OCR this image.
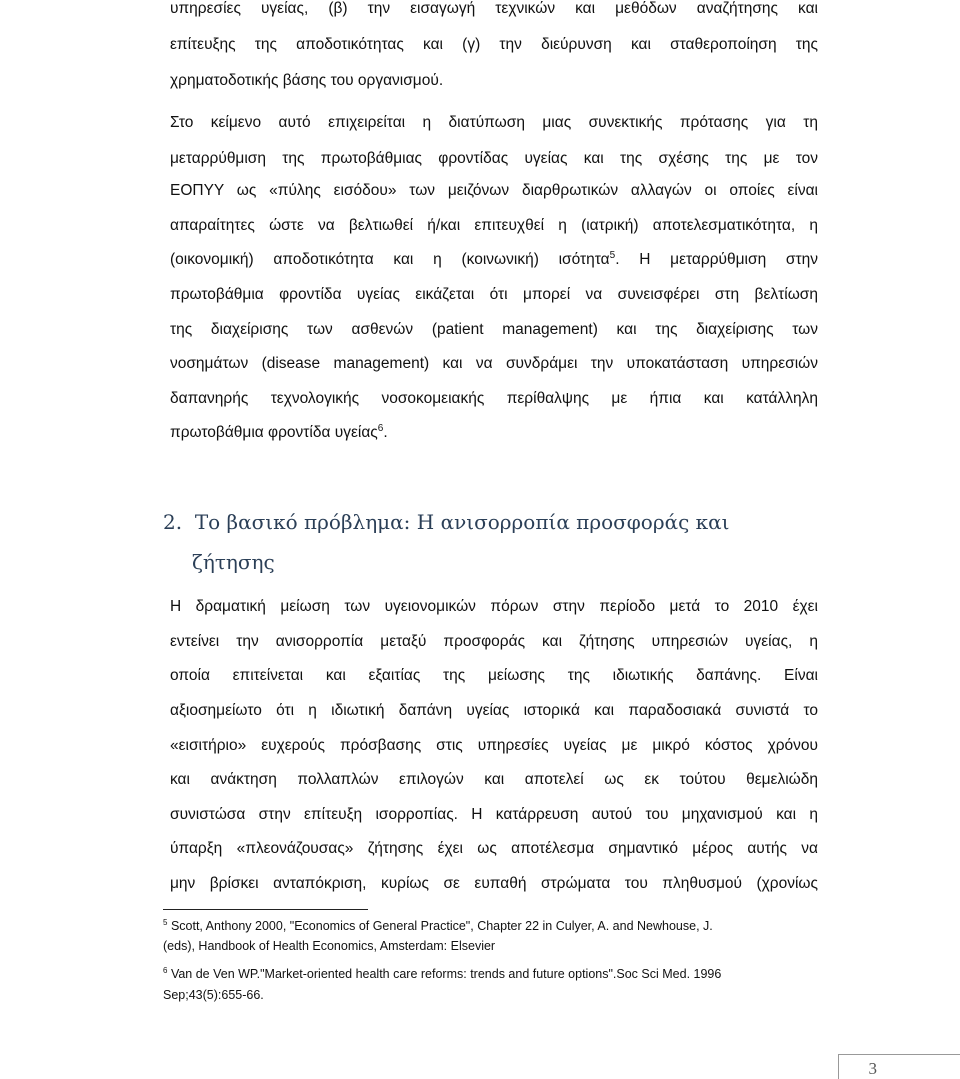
υπηρεσίες υγείας, (β) την εισαγωγή τεχνικών και μεθόδων αναζήτησης και
επίτευξης της αποδοτικότητας και (γ) την διεύρυνση και σταθεροποίηση της
χρηματοδοτικής βάσης του οργανισμού.
Στο κείμενο αυτό επιχειρείται η διατύπωση μιας συνεκτικής πρότασης για τη
μεταρρύθμιση της πρωτοβάθμιας φροντίδας υγείας και της σχέσης της με τον
ΕΟΠΥΥ ως «πύλης εισόδου» των μειζόνων διαρθρωτικών αλλαγών οι οποίες είναι
απαραίτητες ώστε να βελτιωθεί ή/και επιτευχθεί η (ιατρική) αποτελεσματικότητα, η
(οικονομική) αποδοτικότητα και η (κοινωνική) ισότητα$^5$. Η μεταρρύθμιση στην
πρωτοβάθμια φροντίδα υγείας εικάζεται ότι μπορεί να συνεισφέρει στη βελτίωση
της διαχείρισης των ασθενών (patient management) και της διαχείρισης των
νοσημάτων (disease management) και να συνδράμει την υποκατάσταση υπηρεσιών
δαπανηρής τεχνολογικής νοσοκομειακής περίθαλψης με ήπια και κατάλληλη
πρωτοβάθμια φροντίδα υγείας$^6$.
2. Το βασικό πρόβλημα: Η ανισορροπία προσφοράς και
ζήτησης
Η δραματική μείωση των υγειονομικών πόρων στην περίοδο μετά το 2010 έχει
εντείνει την ανισορροπία μεταξύ προσφοράς και ζήτησης υπηρεσιών υγείας, η
οποία επιτείνεται και εξαιτίας της μείωσης της ιδιωτικής δαπάνης. Είναι
αξιοσημείωτο ότι η ιδιωτική δαπάνη υγείας ιστορικά και παραδοσιακά συνιστά το
«εισιτήριο» ευχερούς πρόσβασης στις υπηρεσίες υγείας με μικρό κόστος χρόνου
και ανάκτηση πολλαπλών επιλογών και αποτελεί ως εκ τούτου θεμελιώδη
συνιστώσα στην επίτευξη ισορροπίας. Η κατάρρευση αυτού του μηχανισμού και η
ύπαρξη «πλεονάζουσας» ζήτησης έχει ως αποτέλεσμα σημαντικό μέρος αυτής να
μην βρίσκει ανταπόκριση, κυρίως σε ευπαθή στρώματα του πληθυσμού (χρονίως
$^5$ Scott, Anthony 2000, "Economics of General Practice", Chapter 22 in Culyer, A. and Newhouse, J.
(eds), Handbook of Health Economics, Amsterdam: Elsevier
$^6$ Van de Ven WP."Market-oriented health care reforms: trends and future options".Soc Sci Med. 1996
Sep;43(5):655-66.
3
